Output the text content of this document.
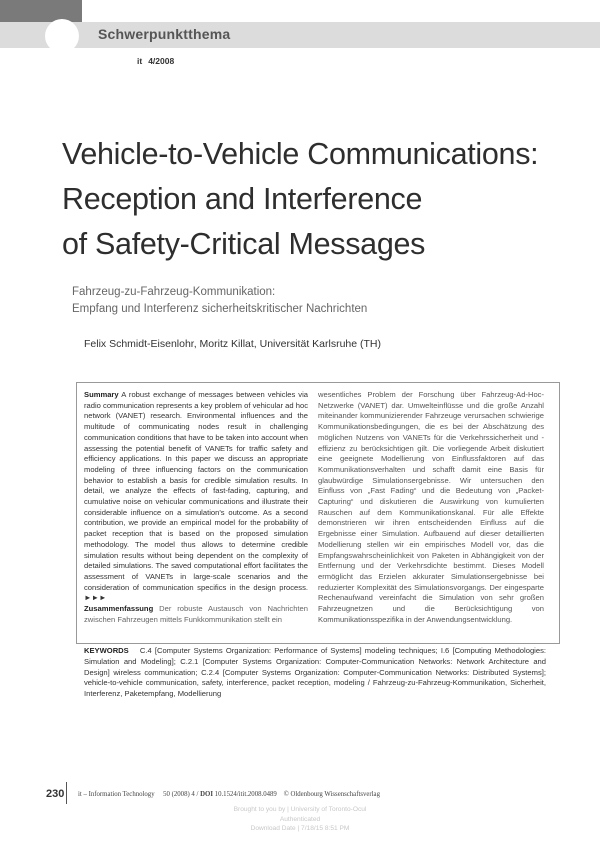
Schwerpunktthema
it 4/2008
Vehicle-to-Vehicle Communications:
Reception and Interference
of Safety-Critical Messages
Fahrzeug-zu-Fahrzeug-Kommunikation:
Empfang und Interferenz sicherheitskritischer Nachrichten
Felix Schmidt-Eisenlohr, Moritz Killat, Universität Karlsruhe (TH)
Summary A robust exchange of messages between vehicles via radio communication represents a key problem of vehicular ad hoc network (VANET) research. Environmental influences and the multitude of communicating nodes result in challenging communication conditions that have to be taken into account when assessing the potential benefit of VANETs for traffic safety and efficiency applications. In this paper we discuss an appropriate modeling of three influencing factors on the communication behavior to establish a basis for credible simulation results. In detail, we analyze the effects of fast-fading, capturing, and cumulative noise on vehicular communications and illustrate their considerable influence on a simulation's outcome. As a second contribution, we provide an empirical model for the probability of packet reception that is based on the proposed simulation methodology. The model thus allows to determine credible simulation results without being dependent on the complexity of detailed simulations. The saved computational effort facilitates the assessment of VANETs in large-scale scenarios and the consideration of communication specifics in the design process. ►►►
Zusammenfassung Der robuste Austausch von Nachrichten zwischen Fahrzeugen mittels Funkkommunikation stellt ein
wesentliches Problem der Forschung über Fahrzeug-Ad-Hoc-Netzwerke (VANET) dar. Umwelteinflüsse und die große Anzahl miteinander kommunizierender Fahrzeuge verursachen schwierige Kommunikationsbedingungen, die es bei der Abschätzung des möglichen Nutzens von VANETs für die Verkehrssicherheit und -effizienz zu berücksichtigen gilt. Die vorliegende Arbeit diskutiert eine geeignete Modellierung von Einflussfaktoren auf das Kommunikationsverhalten und schafft damit eine Basis für glaubwürdige Simulationsergebnisse. Wir untersuchen den Einfluss von „Fast Fading“ und die Bedeutung von „Packet-Capturing“ und diskutieren die Auswirkung von kumulierten Rauschen auf dem Kommunikationskanal. Für alle Effekte demonstrieren wir ihren entscheidenden Einfluss auf die Ergebnisse einer Simulation. Aufbauend auf dieser detaillierten Modellierung stellen wir ein empirisches Modell vor, das die Empfangswahrscheinlichkeit von Paketen in Abhängigkeit von der Entfernung und der Verkehrsdichte bestimmt. Dieses Modell ermöglicht das Erzielen akkurater Simulationsergebnisse bei reduzierter Komplexität des Simulationsvorgangs. Der eingesparte Rechenaufwand vereinfacht die Simulation von sehr großen Fahrzeugnetzen und die Berücksichtigung von Kommunikationsspezifika in der Anwendungsentwicklung.
KEYWORDS C.4 [Computer Systems Organization: Performance of Systems] modeling techniques; I.6 [Computing Methodologies: Simulation and Modeling]; C.2.1 [Computer Systems Organization: Computer-Communication Networks: Network Architecture and Design] wireless communication; C.2.4 [Computer Systems Organization: Computer-Communication Networks: Distributed Systems]; vehicle-to-vehicle communication, safety, interference, packet reception, modeling / Fahrzeug-zu-Fahrzeug-Kommunikation, Sicherheit, Interferenz, Paketempfang, Modellierung
230 it – Information Technology 50 (2008) 4 / DOI 10.1524/itit.2008.0489 © Oldenbourg Wissenschaftsverlag
Brought to you by | University of Toronto-Ocul
Authenticated
Download Date | 7/18/15 8:51 PM
